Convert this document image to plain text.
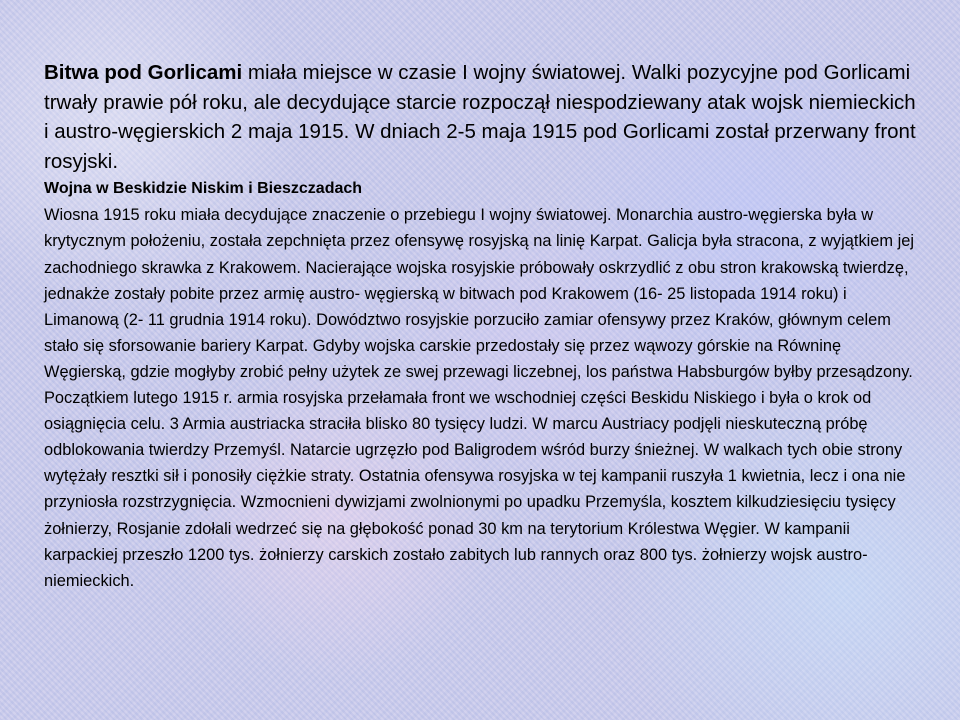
Bitwa pod Gorlicami miała miejsce w czasie I wojny światowej. Walki pozycyjne pod Gorlicami trwały prawie pół roku, ale decydujące starcie rozpoczął niespodziewany atak wojsk niemieckich i austro-węgierskich 2 maja 1915. W dniach 2-5 maja 1915 pod Gorlicami został przerwany front rosyjski.

Wojna w Beskidzie Niskim i Bieszczadach

Wiosna 1915 roku miała decydujące znaczenie o przebiegu I wojny światowej. Monarchia austro-węgierska była w krytycznym położeniu, została zepchnięta przez ofensywę rosyjską na linię Karpat. Galicja była stracona, z wyjątkiem jej zachodniego skrawka z Krakowem. Nacierające wojska rosyjskie próbowały oskrzydlić z obu stron krakowską twierdzę, jednakże zostały pobite przez armię austro- węgierską w bitwach pod Krakowem (16- 25 listopada 1914 roku) i Limanową (2- 11 grudnia 1914 roku). Dowództwo rosyjskie porzuciło zamiar ofensywy przez Kraków, głównym celem stało się sforsowanie bariery Karpat. Gdyby wojska carskie przedostały się przez wąwozy górskie na Równinę Węgierską, gdzie mogłyby zrobić pełny użytek ze swej przewagi liczebnej, los państwa Habsburgów byłby przesądzony. Początkiem lutego 1915 r. armia rosyjska przełamała front we wschodniej części Beskidu Niskiego i była o krok od osiągnięcia celu. 3 Armia austriacka straciła blisko 80 tysięcy ludzi. W marcu Austriacy podjęli nieskuteczną próbę odblokowania twierdzy Przemyśl. Natarcie ugrzęzło pod Baligrodem wśród burzy śnieżnej. W walkach tych obie strony wytężały resztki sił i ponosiły ciężkie straty. Ostatnia ofensywa rosyjska w tej kampanii ruszyła 1 kwietnia, lecz i ona nie przyniosła rozstrzygnięcia. Wzmocnieni dywizjami zwolnionymi po upadku Przemyśla, kosztem kilkudziesięciu tysięcy żołnierzy, Rosjanie zdołali wedrzeć się na głębokość ponad 30 km na terytorium Królestwa Węgier. W kampanii karpackiej przeszło 1200 tys. żołnierzy carskich zostało zabitych lub rannych oraz 800 tys. żołnierzy wojsk austro-niemieckich.
